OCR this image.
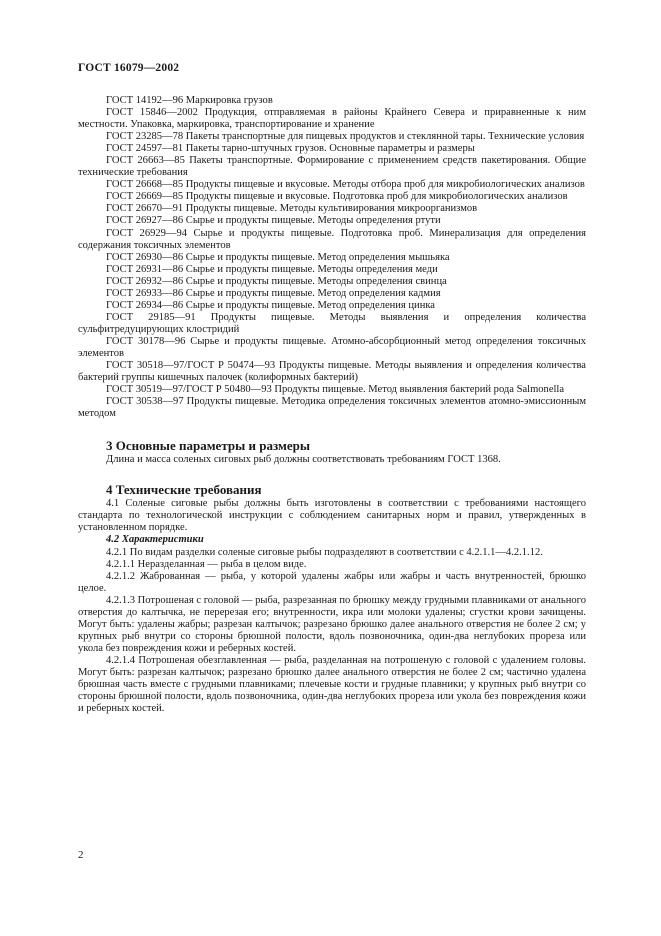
ГОСТ 16079—2002

ГОСТ 14192—96 Маркировка грузов

ГОСТ 15846—2002 Продукция, отправляемая в районы Крайнего Севера и приравненные к ним местности. Упаковка, маркировка, транспортирование и хранение

ГОСТ 23285—78 Пакеты транспортные для пищевых продуктов и стеклянной тары. Технические условия

ГОСТ 24597—81 Пакеты тарно-штучных грузов. Основные параметры и размеры

ГОСТ 26663—85 Пакеты транспортные. Формирование с применением средств пакетирования. Общие технические требования

ГОСТ 26668—85 Продукты пищевые и вкусовые. Методы отбора проб для микробиологических анализов

ГОСТ 26669—85 Продукты пищевые и вкусовые. Подготовка проб для микробиологических анализов

ГОСТ 26670—91 Продукты пищевые. Методы культивирования микроорганизмов

ГОСТ 26927—86 Сырье и продукты пищевые. Методы определения ртути

ГОСТ 26929—94 Сырье и продукты пищевые. Подготовка проб. Минерализация для определения содержания токсичных элементов

ГОСТ 26930—86 Сырье и продукты пищевые. Метод определения мышьяка

ГОСТ 26931—86 Сырье и продукты пищевые. Методы определения меди

ГОСТ 26932—86 Сырье и продукты пищевые. Методы определения свинца

ГОСТ 26933—86 Сырье и продукты пищевые. Метод определения кадмия

ГОСТ 26934—86 Сырье и продукты пищевые. Метод определения цинка

ГОСТ 29185—91 Продукты пищевые. Методы выявления и определения количества сульфитредуцирующих клостридий

ГОСТ 30178—96 Сырье и продукты пищевые. Атомно-абсорбционный метод определения токсичных элементов

ГОСТ 30518—97/ГОСТ Р 50474—93 Продукты пищевые. Методы выявления и определения количества бактерий группы кишечных палочек (колиформных бактерий)

ГОСТ 30519—97/ГОСТ Р 50480—93 Продукты пищевые. Метод выявления бактерий рода Salmonella

ГОСТ 30538—97 Продукты пищевые. Методика определения токсичных элементов атомно-эмиссионным методом

3 Основные параметры и размеры

Длина и масса соленых сиговых рыб должны соответствовать требованиям ГОСТ 1368.

4 Технические требования

4.1 Соленые сиговые рыбы должны быть изготовлены в соответствии с требованиями настоящего стандарта по технологической инструкции с соблюдением санитарных норм и правил, утвержденных в установленном порядке.

4.2 Характеристики

4.2.1 По видам разделки соленые сиговые рыбы подразделяют в соответствии с 4.2.1.1—4.2.1.12.

4.2.1.1 Неразделанная — рыба в целом виде.

4.2.1.2 Жаброванная — рыба, у которой удалены жабры или жабры и часть внутренностей, брюшко целое.

4.2.1.3 Потрошеная с головой — рыба, разрезанная по брюшку между грудными плавниками от анального отверстия до калтычка, не перерезая его; внутренности, икра или молоки удалены; сгустки крови зачищены. Могут быть: удалены жабры; разрезан калтычок; разрезано брюшко далее анального отверстия не более 2 см; у крупных рыб внутри со стороны брюшной полости, вдоль позвоночника, один-два неглубоких прореза или укола без повреждения кожи и реберных костей.

4.2.1.4 Потрошеная обезглавленная — рыба, разделанная на потрошеную с головой с удалением головы. Могут быть: разрезан калтычок; разрезано брюшко далее анального отверстия не более 2 см; частично удалена брюшная часть вместе с грудными плавниками; плечевые кости и грудные плавники; у крупных рыб внутри со стороны брюшной полости, вдоль позвоночника, один-два неглубоких прореза или укола без повреждения кожи и реберных костей.

2
